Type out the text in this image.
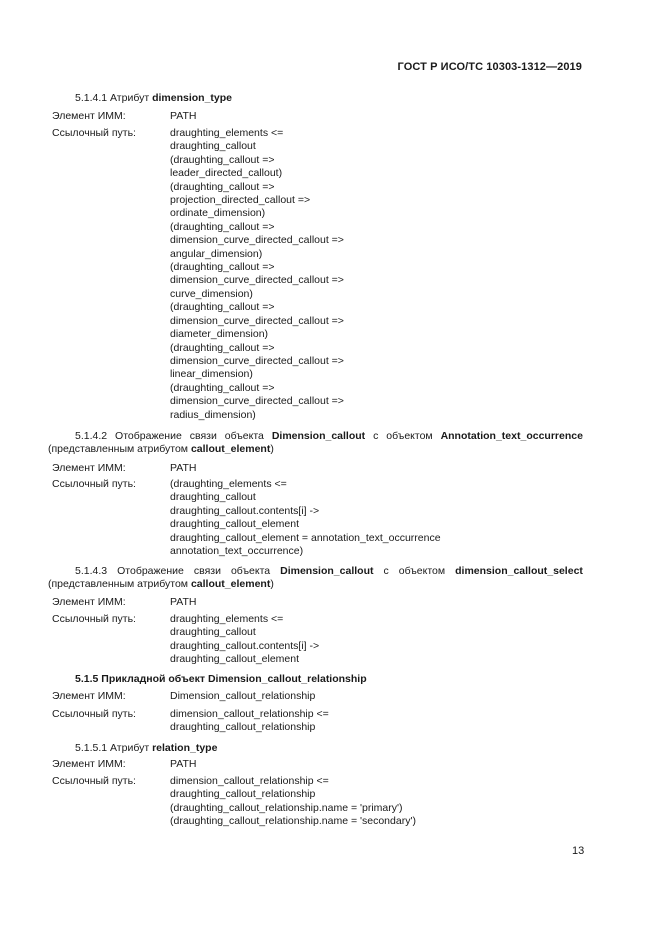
ГОСТ Р ИСО/ТС 10303-1312—2019
5.1.4.1 Атрибут dimension_type
Элемент ИММ:	PATH
Ссылочный путь:	draughting_elements <=
draughting_callout
(draughting_callout =>
leader_directed_callout)
(draughting_callout =>
projection_directed_callout =>
ordinate_dimension)
(draughting_callout =>
dimension_curve_directed_callout =>
angular_dimension)
(draughting_callout =>
dimension_curve_directed_callout =>
curve_dimension)
(draughting_callout =>
dimension_curve_directed_callout =>
diameter_dimension)
(draughting_callout =>
dimension_curve_directed_callout =>
linear_dimension)
(draughting_callout =>
dimension_curve_directed_callout =>
radius_dimension)
5.1.4.2 Отображение связи объекта Dimension_callout с объектом Annotation_text_occurrence
(представленным атрибутом callout_element)
Элемент ИММ:	PATH
Ссылочный путь:	(draughting_elements <=
draughting_callout
draughting_callout.contents[i] ->
draughting_callout_element
draughting_callout_element = annotation_text_occurrence
annotation_text_occurrence)
5.1.4.3 Отображение связи объекта Dimension_callout с объектом dimension_callout_select
(представленным атрибутом callout_element)
Элемент ИММ:	PATH
Ссылочный путь:	draughting_elements <=
draughting_callout
draughting_callout.contents[i] ->
draughting_callout_element
5.1.5 Прикладной объект Dimension_callout_relationship
Элемент ИММ:	Dimension_callout_relationship
Ссылочный путь:	dimension_callout_relationship <=
draughting_callout_relationship
5.1.5.1 Атрибут relation_type
Элемент ИММ:	PATH
Ссылочный путь:	dimension_callout_relationship <=
draughting_callout_relationship
(draughting_callout_relationship.name = 'primary')
(draughting_callout_relationship.name = 'secondary')
13
